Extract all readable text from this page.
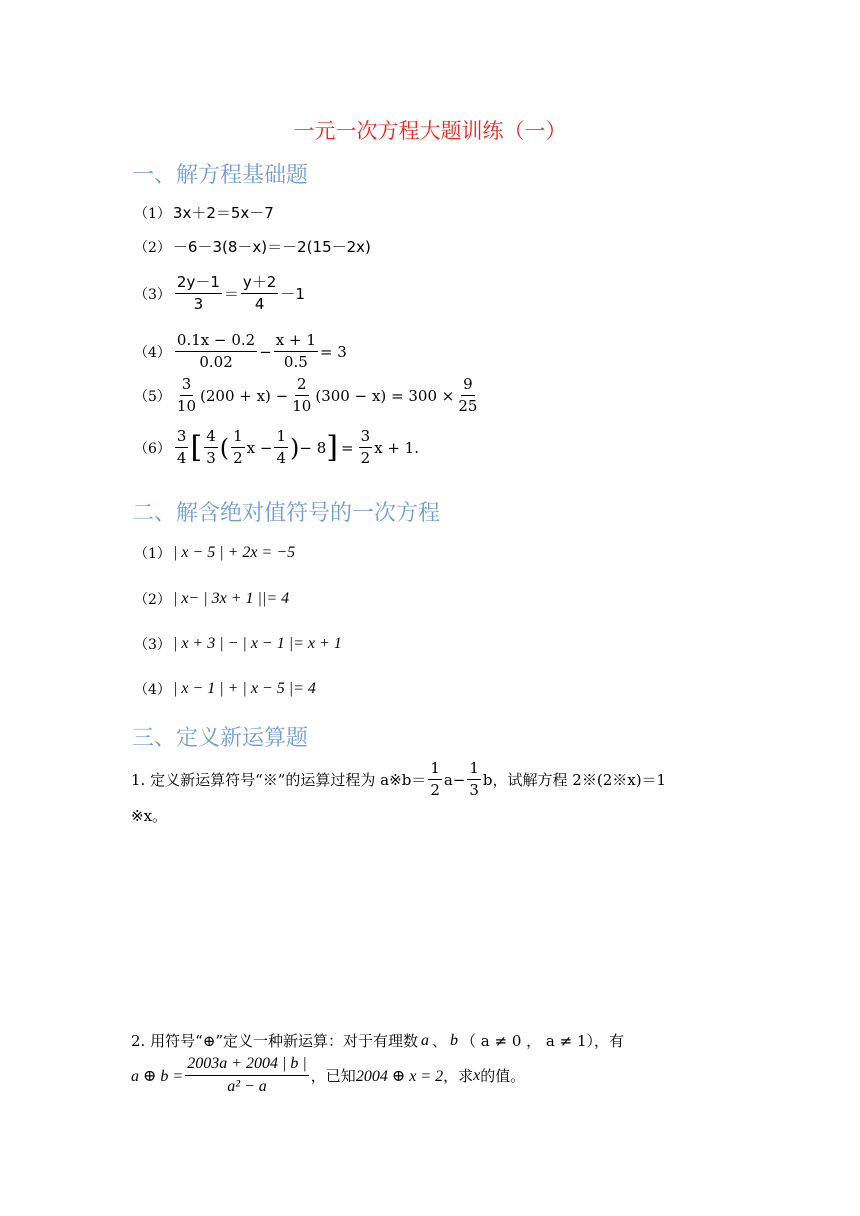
一元一次方程大题训练（一）
一、解方程基础题
（1） 3x＋2＝5x－7
（2） －6－3(8－x)＝－2(15－2x)
$(3) \frac{2y-1}{3} = \frac{y+2}{4} -1$
$(4) \frac{0.1x - 0.2}{0.02} - \frac{x + 1}{0.5} = 3$
$(5) \frac{3}{10} (200 + x) - \frac{2}{10} (300 - x) = 300 \times \frac{9}{25}$
$(6) \frac{3}{4}$ [ $\frac{4}{3}$ ( $\frac{1}{2}$ $x - \frac{1}{4}$ ) − 8 ] = $\frac{3}{2}$ x + 1.
二、解含绝对值符号的一次方程
（1） | x − 5 | + 2x = −5
（2） | x− | 3x + 1 ||= 4
（3） | x + 3 | − | x − 1 |= x + 1
（4） | x − 1 | + | x − 5 |= 4
三、定义新运算题
1. 定义新运算符号“※”的运算过程为 a※b＝ $\frac{1}{2} a- \frac{1}{3}$ b，试解方程 2※(2※x)＝1
※x。
2. 用符号“⊕”定义一种新运算：对于有理数 a 、 b （ a ≠ 0 ， a ≠ 1），有
a ⊕ $b = \frac{2003a + 2004 | b |}{\text{a² − a}}$ ，已知 2004 ⊕ x = 2 ，求 x 的值。
